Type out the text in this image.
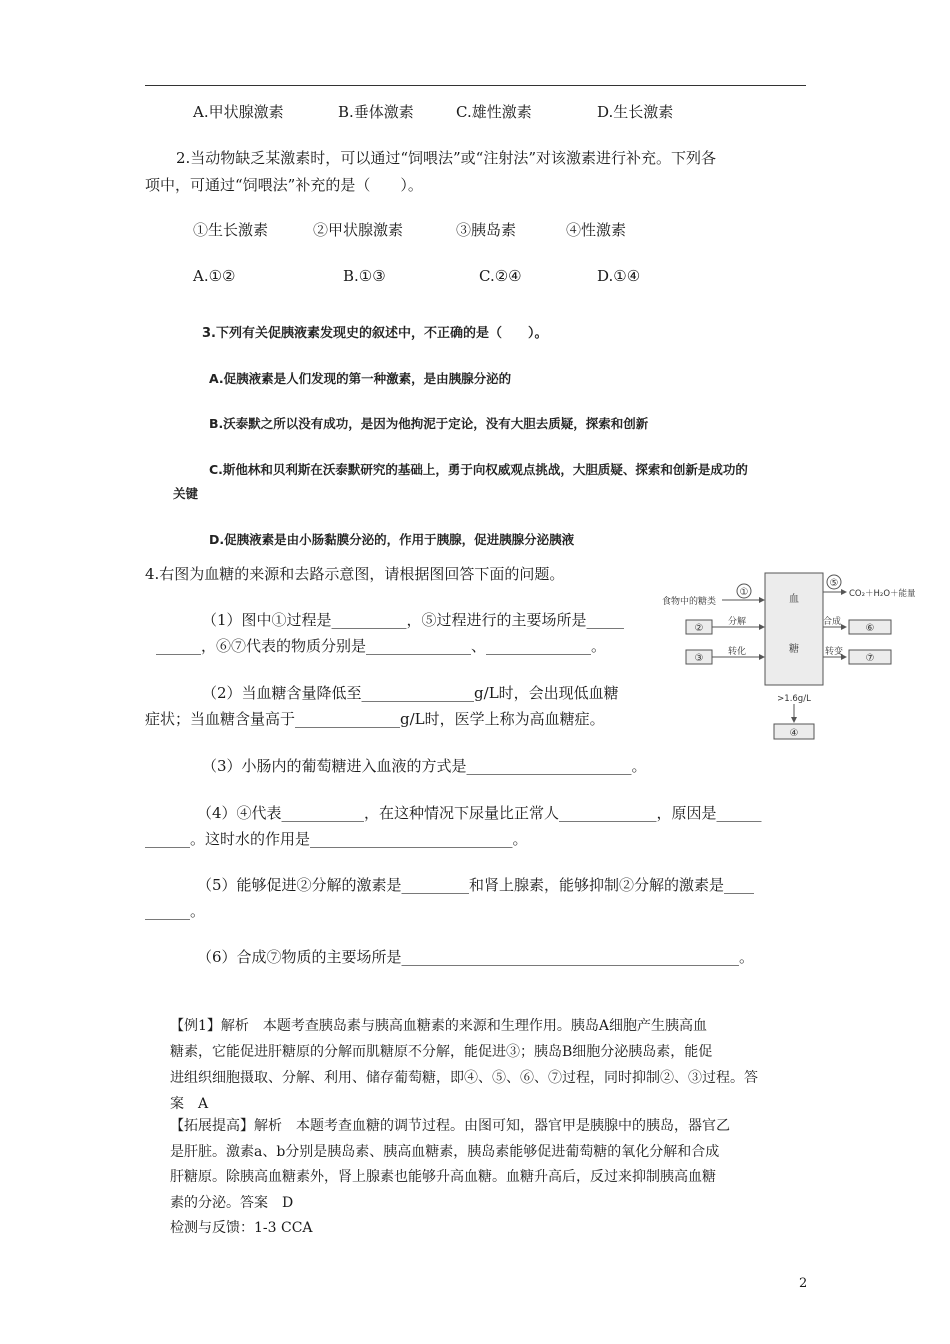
A.甲状腺激素	B.垂体激素	C.雄性激素	D.生长激素
2.当动物缺乏某激素时，可以通过“饲喂法”或“注射法”对该激素进行补充。下列各
项中，可通过“饲喂法”补充的是（　　）。
①生长激素	②甲状腺激素	③胰岛素	④性激素
A.①②	B.①③	C.②④	D.①④
3.下列有关促胰液素发现史的叙述中，不正确的是（　　）。
A.促胰液素是人们发现的第一种激素，是由胰腺分泌的
B.沃泰默之所以没有成功，是因为他拘泥于定论，没有大胆去质疑，探索和创新
C.斯他林和贝利斯在沃泰默研究的基础上，勇于向权威观点挑战，大胆质疑、探索和创新是成功的
关键
D.促胰液素是由小肠黏膜分泌的，作用于胰腺，促进胰腺分泌胰液
4.右图为血糖的来源和去路示意图，请根据图回答下面的问题。
（1）图中①过程是__________，⑤过程进行的主要场所是_____
______，⑥⑦代表的物质分别是______________、______________。
（2）当血糖含量降低至_______________g/L时，会出现低血糖
症状；当血糖含量高于______________g/L时，医学上称为高血糖症。
（3）小肠内的葡萄糖进入血液的方式是______________________。
（4）④代表___________，在这种情况下尿量比正常人_____________，原因是______
______。这时水的作用是___________________________。
（5）能够促进②分解的激素是_________和肾上腺素，能够抑制②分解的激素是____
______。
（6）合成⑦物质的主要场所是_____________________________________________。
血
糖
食物中的糖类
①
②
分解
③
转化
⑤
CO₂＋H₂O＋能量
合成
⑥
转变
⑦
>1.6g/L
④
【例1】解析　本题考查胰岛素与胰高血糖素的来源和生理作用。胰岛A细胞产生胰高血
糖素，它能促进肝糖原的分解而肌糖原不分解，能促进③；胰岛B细胞分泌胰岛素，能促
进组织细胞摄取、分解、利用、储存葡萄糖，即④、⑤、⑥、⑦过程，同时抑制②、③过程。答
案　A
【拓展提高】解析　本题考查血糖的调节过程。由图可知，器官甲是胰腺中的胰岛，器官乙
是肝脏。激素a、b分别是胰岛素、胰高血糖素，胰岛素能够促进葡萄糖的氧化分解和合成
肝糖原。除胰高血糖素外，肾上腺素也能够升高血糖。血糖升高后，反过来抑制胰高血糖
素的分泌。答案　D
检测与反馈：1-3 CCA
2
